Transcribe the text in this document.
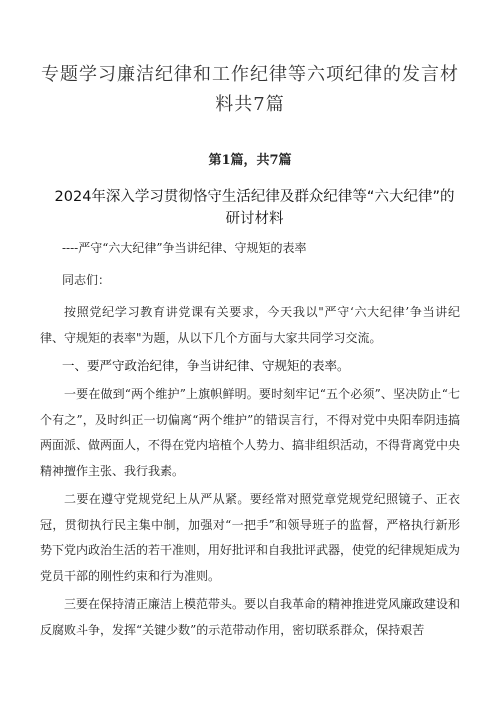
专题学习廉洁纪律和工作纪律等六项纪律的发言材料共7篇
第1篇，共7篇
2024年深入学习贯彻恪守生活纪律及群众纪律等“六大纪律”的研讨材料

----严守“六大纪律”争当讲纪律、守规矩的表率

同志们：

按照党纪学习教育讲党课有关要求，今天我以"严守‘六大纪律’争当讲纪律、守规矩的表率"为题，从以下几个方面与大家共同学习交流。

一、要严守政治纪律，争当讲纪律、守规矩的表率。

一要在做到“两个维护”上旗帜鲜明。要时刻牢记“五个必须”、坚决防止“七个有之”，及时纠正一切偏离“两个维护”的错误言行，不得对党中央阳奉阴违搞两面派、做两面人，不得在党内培植个人势力、搞非组织活动，不得背离党中央精神擅作主张、我行我素。

二要在遵守党规党纪上从严从紧。要经常对照党章党规党纪照镜子、正衣冠，贯彻执行民主集中制，加强对“一把手”和领导班子的监督，严格执行新形势下党内政治生活的若干准则，用好批评和自我批评武器，使党的纪律规矩成为党员干部的刚性约束和行为准则。

三要在保持清正廉洁上模范带头。要以自我革命的精神推进党风廉政建设和反腐败斗争，发挥“关键少数”的示范带动作用，密切联系群众，保持艰苦
